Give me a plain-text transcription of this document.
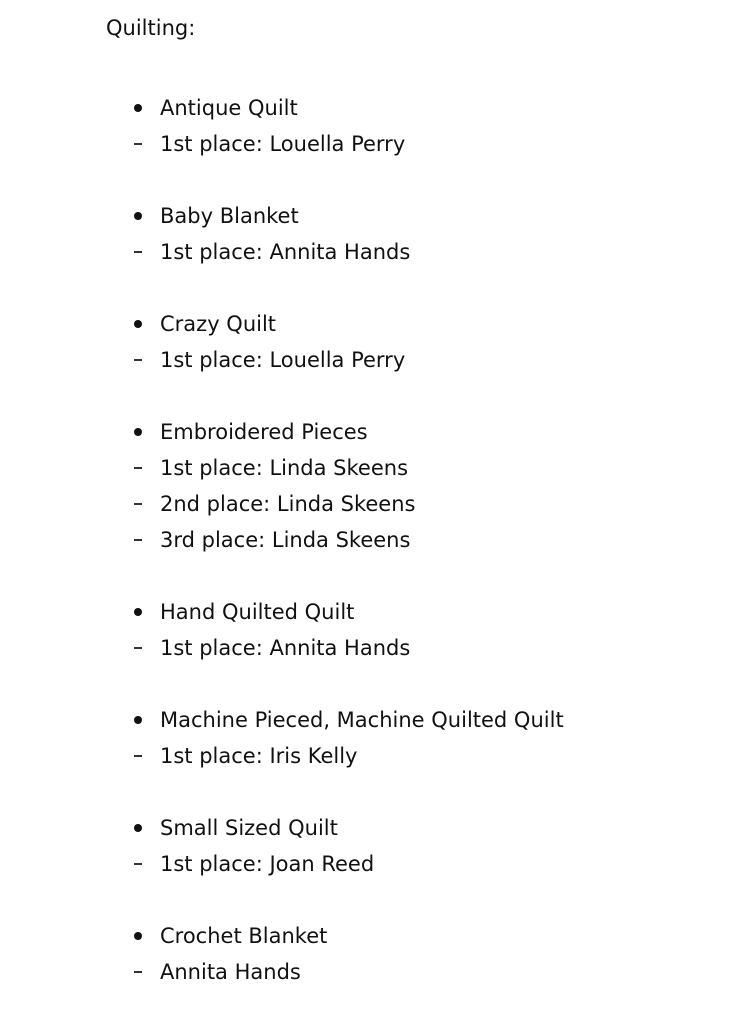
Quilting:
Antique Quilt
1st place: Louella Perry
Baby Blanket
1st place: Annita Hands
Crazy Quilt
1st place: Louella Perry
Embroidered Pieces
1st place: Linda Skeens
2nd place: Linda Skeens
3rd place: Linda Skeens
Hand Quilted Quilt
1st place: Annita Hands
Machine Pieced, Machine Quilted Quilt
1st place: Iris Kelly
Small Sized Quilt
1st place: Joan Reed
Crochet Blanket
Annita Hands
